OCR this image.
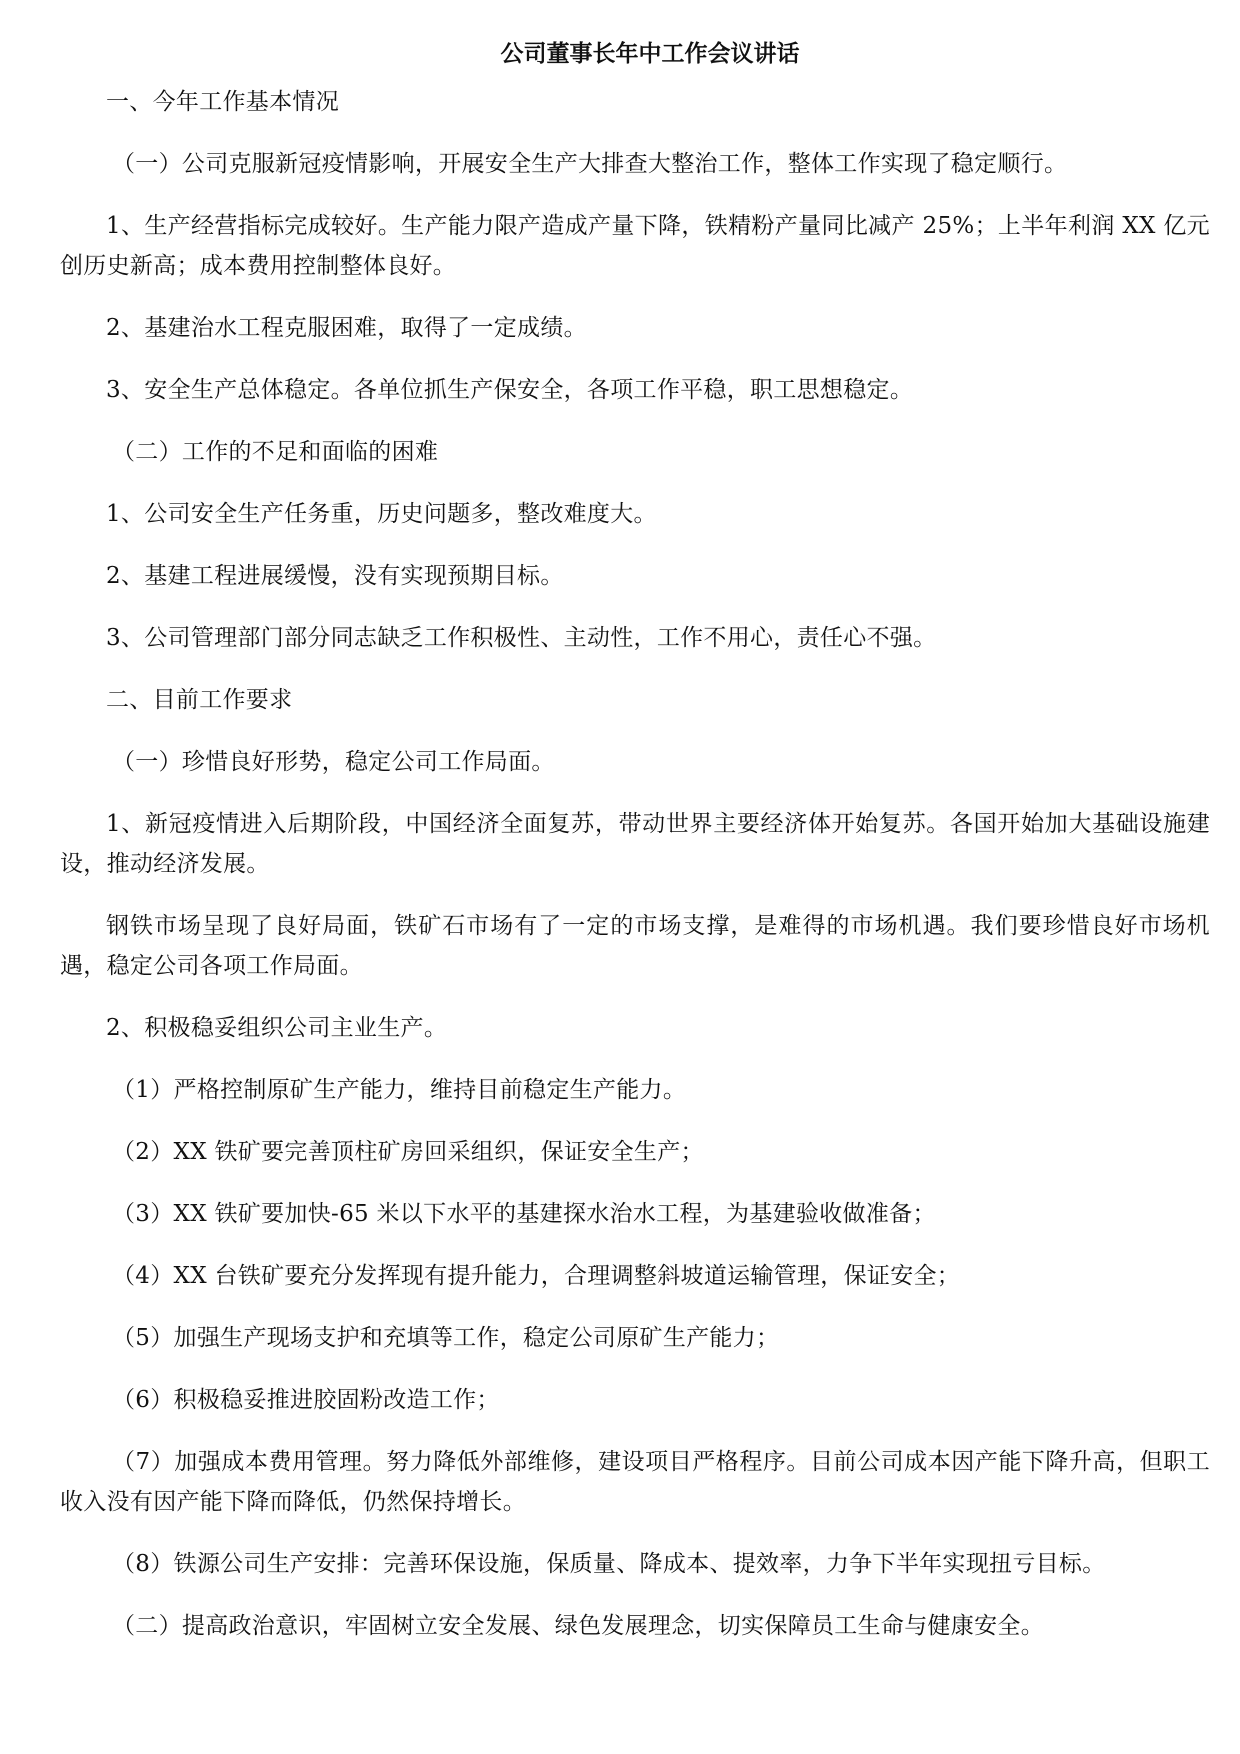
公司董事长年中工作会议讲话

一、今年工作基本情况

（一）公司克服新冠疫情影响，开展安全生产大排查大整治工作，整体工作实现了稳定顺行。

1、生产经营指标完成较好。生产能力限产造成产量下降，铁精粉产量同比减产 25%；上半年利润 XX 亿元创历史新高；成本费用控制整体良好。

2、基建治水工程克服困难，取得了一定成绩。

3、安全生产总体稳定。各单位抓生产保安全，各项工作平稳，职工思想稳定。

（二）工作的不足和面临的困难

1、公司安全生产任务重，历史问题多，整改难度大。

2、基建工程进展缓慢，没有实现预期目标。

3、公司管理部门部分同志缺乏工作积极性、主动性，工作不用心，责任心不强。

二、目前工作要求

（一）珍惜良好形势，稳定公司工作局面。

1、新冠疫情进入后期阶段，中国经济全面复苏，带动世界主要经济体开始复苏。各国开始加大基础设施建设，推动经济发展。

钢铁市场呈现了良好局面，铁矿石市场有了一定的市场支撑，是难得的市场机遇。我们要珍惜良好市场机遇，稳定公司各项工作局面。

2、积极稳妥组织公司主业生产。

（1）严格控制原矿生产能力，维持目前稳定生产能力。

（2）XX 铁矿要完善顶柱矿房回采组织，保证安全生产；

（3）XX 铁矿要加快-65 米以下水平的基建探水治水工程，为基建验收做准备；

（4）XX 台铁矿要充分发挥现有提升能力，合理调整斜坡道运输管理，保证安全；

（5）加强生产现场支护和充填等工作，稳定公司原矿生产能力；

（6）积极稳妥推进胶固粉改造工作；

（7）加强成本费用管理。努力降低外部维修，建设项目严格程序。目前公司成本因产能下降升高，但职工收入没有因产能下降而降低，仍然保持增长。

（8）铁源公司生产安排：完善环保设施，保质量、降成本、提效率，力争下半年实现扭亏目标。

（二）提高政治意识，牢固树立安全发展、绿色发展理念，切实保障员工生命与健康安全。
